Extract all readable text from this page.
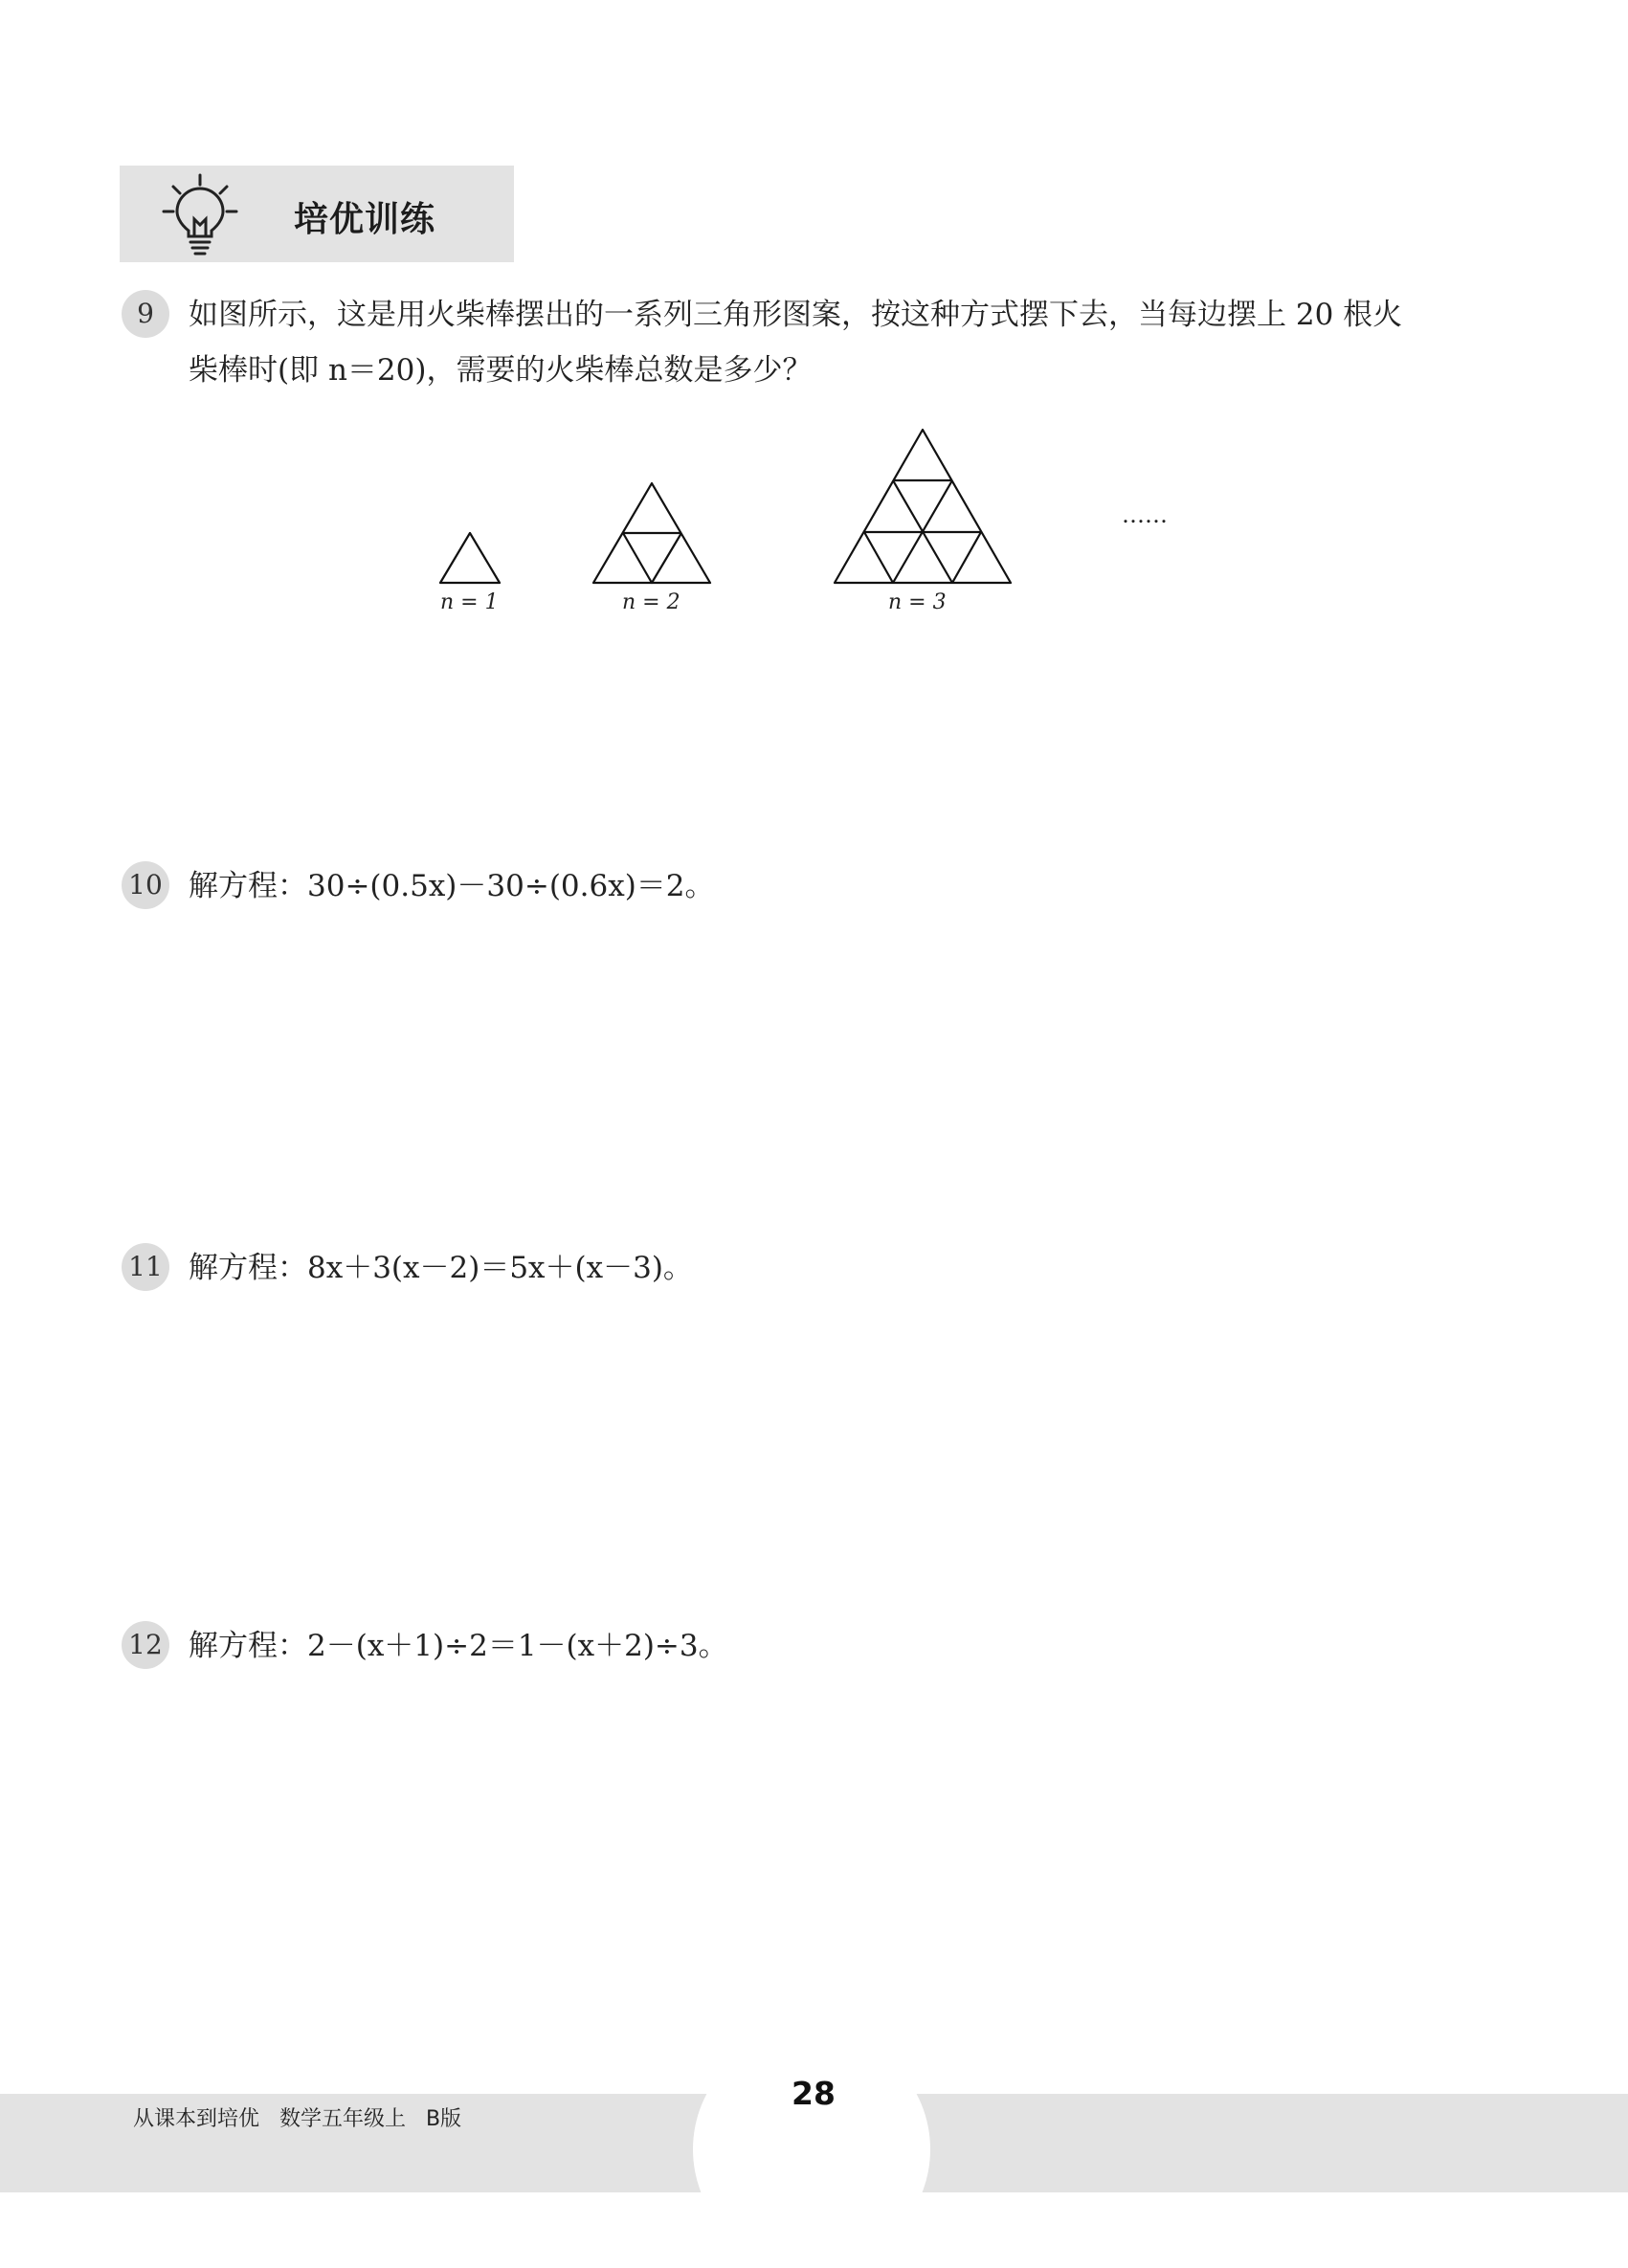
培优训练
9	如图所示，这是用火柴棒摆出的一系列三角形图案，按这种方式摆下去，当每边摆上 20 根火
柴棒时(即 n＝20)，需要的火柴棒总数是多少？
n = 1	n = 2	n = 3
……
10 解方程：30÷(0.5x)－30÷(0.6x)＝2。
11 解方程：8x＋3(x－2)＝5x＋(x－3)。
12 解方程：2－(x＋1)÷2＝1－(x＋2)÷3。
从课本到培优   数学五年级上   B版
28
